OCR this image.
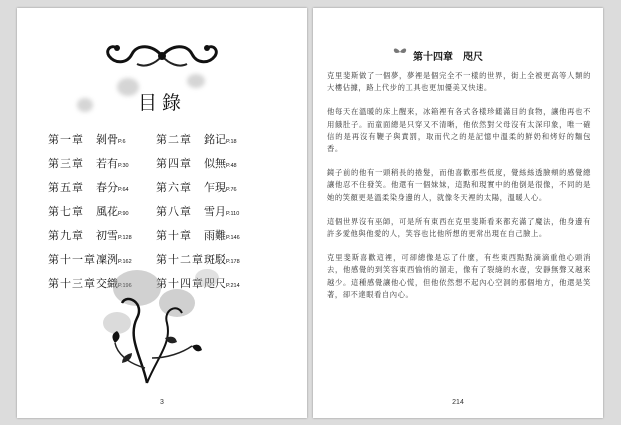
目錄
第一章 剝骨P.6	第二章 銘记P.18
第三章 若有P.30	第四章 似無P.48
第五章 春分P.64	第六章 乍現P.76
第七章 風花P.90	第八章 雪月P.110
第九章 初雪P.128	第十章 雨難P.146
第十一章凜洌P.162	第十二章斑駁P.178
第十三章交織P.196	第十四章咫尺P.214
3
第十四章 咫尺

克里斐斯做了一個夢，夢裡是個完全不一樣的世界，街上全被更高等人類的大樓佔據，路上代步的工具也更加優美又快速。

他每天在溫暖的床上醒來，冰箱裡有各式各樣珍饈滿目的食物，讓他再也不用餓肚子。而童面總是只穿又不清晰，他依然對父母沒有太深印象，唯一確信的是再沒有鞭子與責罰，取而代之的是記憶中溫柔的鮮奶和烤好的麵包香。

鏡子前的他有一頭稍長的捲髮，而他喜歡那些低度，覺絲絲透臉頰的感覺總讓他忍不住發笑。他還有一個妹妹，這點和現實中的他倒是很像，不同的是她的笑顏更是溫柔染身邊的人，就像冬天裡的太陽，溫暖人心。

這個世界沒有巫師，可是所有東西在克里斐斯看來都充滿了魔法，他身邊有許多愛他與他愛的人，笑容也比他所想的更常出現在自己臉上。

克里斐斯喜歡這裡，可卻總像是忘了什麼，有些東西點點滴滴重他心頭消去，他感覺的到笑容東西愉悄的溜走，像有了裂縫的水壺，安靜無聲又越來越少。這種感覺讓他心慌，但他依然想不起內心空洞的那個地方，他還是笑著，卻不達眼看自內心。

214
